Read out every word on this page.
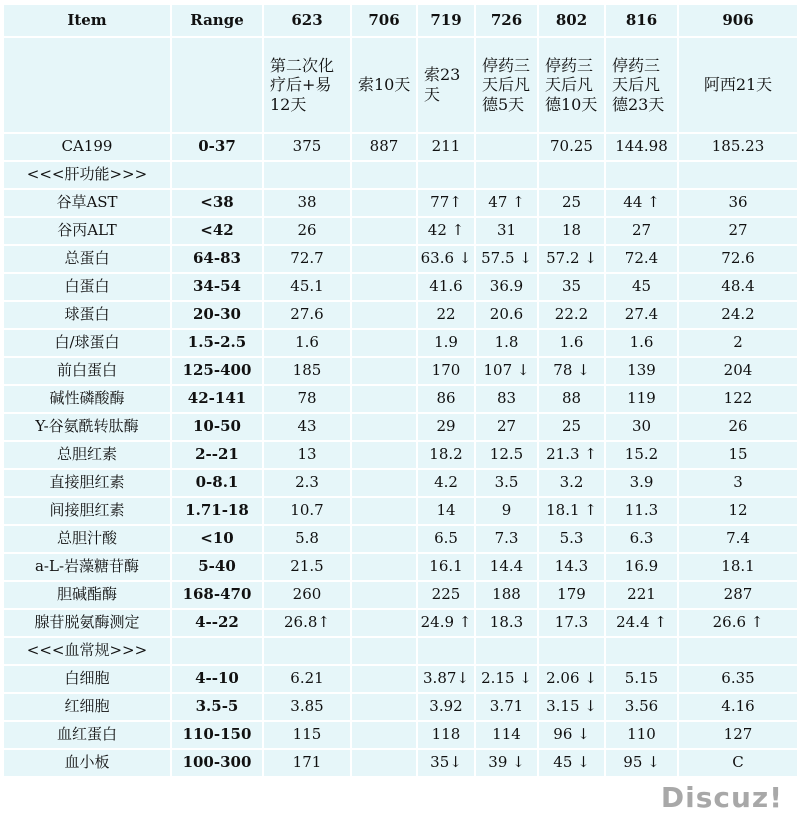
Item	Range	623	706	719	726	802	816	906
		第二次化疗后+易12天	索10天	索23天	停药三天后凡德5天	停药三天后凡德10天	停药三天后凡德23天	阿西21天
CA199	0-37	375	887	211		70.25	144.98	185.23
<<<肝功能>>>								
谷草AST	<38	38		77↑	47 ↑	25	44 ↑	36
谷丙ALT	<42	26		42 ↑	31	18	27	27
总蛋白	64-83	72.7		63.6 ↓	57.5 ↓	57.2 ↓	72.4	72.6
白蛋白	34-54	45.1		41.6	36.9	35	45	48.4
球蛋白	20-30	27.6		22	20.6	22.2	27.4	24.2
白/球蛋白	1.5-2.5	1.6		1.9	1.8	1.6	1.6	2
前白蛋白	125-400	185		170	107 ↓	78 ↓	139	204
碱性磷酸酶	42-141	78		86	83	88	119	122
Y-谷氨酰转肽酶	10-50	43		29	27	25	30	26
总胆红素	2--21	13		18.2	12.5	21.3 ↑	15.2	15
直接胆红素	0-8.1	2.3		4.2	3.5	3.2	3.9	3
间接胆红素	1.71-18	10.7		14	9	18.1 ↑	11.3	12
总胆汁酸	<10	5.8		6.5	7.3	5.3	6.3	7.4
a-L-岩藻糖苷酶	5-40	21.5		16.1	14.4	14.3	16.9	18.1
胆碱酯酶	168-470	260		225	188	179	221	287
腺苷脱氨酶测定	4--22	26.8↑		24.9 ↑	18.3	17.3	24.4 ↑	26.6 ↑
<<<血常规>>>								
白细胞	4--10	6.21		3.87↓	2.15 ↓	2.06 ↓	5.15	6.35
红细胞	3.5-5	3.85		3.92	3.71	3.15 ↓	3.56	4.16
血红蛋白	110-150	115		118	114	96 ↓	110	127
血小板	100-300	171		35↓	39 ↓	45 ↓	95 ↓	C
Discuz!
